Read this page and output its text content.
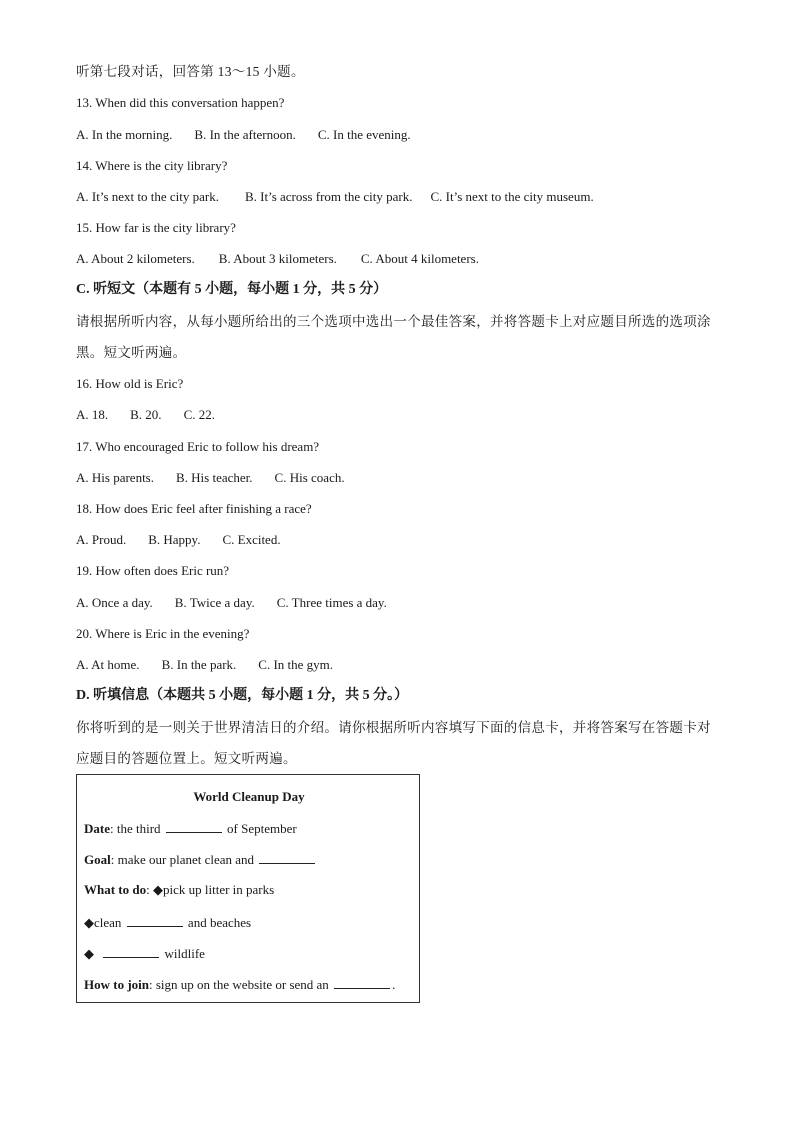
听第七段对话，回答第 13～15 小题。
13. When did this conversation happen?
A. In the morning. B. In the afternoon. C. In the evening.
14. Where is the city library?
A. It’s next to the city park. B. It’s across from the city park. C. It’s next to the city museum.
15. How far is the city library?
A. About 2 kilometers. B. About 3 kilometers. C. About 4 kilometers.
C. 听短文（本题有 5 小题，每小题 1 分，共 5 分）
请根据所听内容，从每小题所给出的三个选项中选出一个最佳答案，并将答题卡上对应题目所选的选项涂
黑。短文听两遍。
16. How old is Eric?
A. 18. B. 20. C. 22.
17. Who encouraged Eric to follow his dream?
A. His parents. B. His teacher. C. His coach.
18. How does Eric feel after finishing a race?
A. Proud. B. Happy. C. Excited.
19. How often does Eric run?
A. Once a day. B. Twice a day. C. Three times a day.
20. Where is Eric in the evening?
A. At home. B. In the park. C. In the gym.
D. 听填信息（本题共 5 小题，每小题 1 分，共 5 分。）
你将听到的是一则关于世界清洁日的介绍。请你根据所听内容填写下面的信息卡，并将答案写在答题卡对
应题目的答题位置上。短文听两遍。
World Cleanup Day
Date: the third	of September
Goal: make our planet clean and
What to do: ◆pick up litter in parks
◆clean	and beaches
◆	wildlife
How to join: sign up on the website or send an	.
